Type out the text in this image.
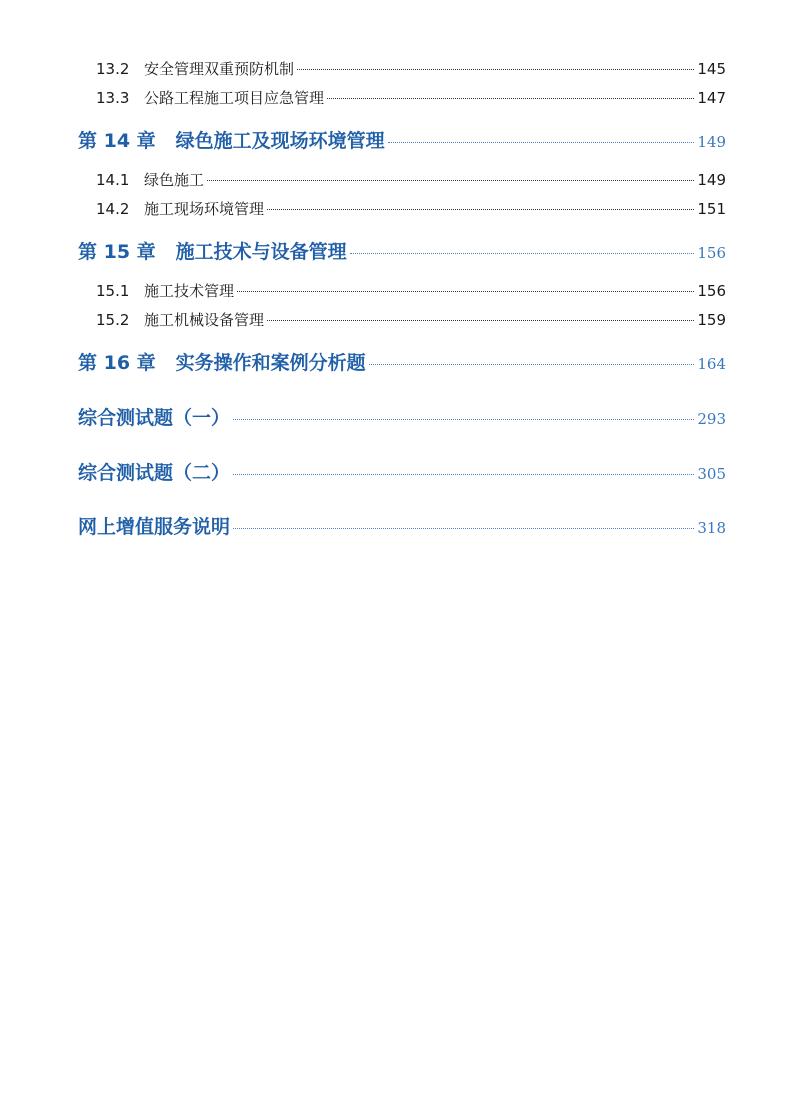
13.2 安全管理双重预防机制	145
13.3 公路工程施工项目应急管理	147
第 14 章 绿色施工及现场环境管理	149
14.1 绿色施工	149
14.2 施工现场环境管理	151
第 15 章 施工技术与设备管理	156
15.1 施工技术管理	156
15.2 施工机械设备管理	159
第 16 章 实务操作和案例分析题	164
综合测试题（一）	293
综合测试题（二）	305
网上增值服务说明	318
